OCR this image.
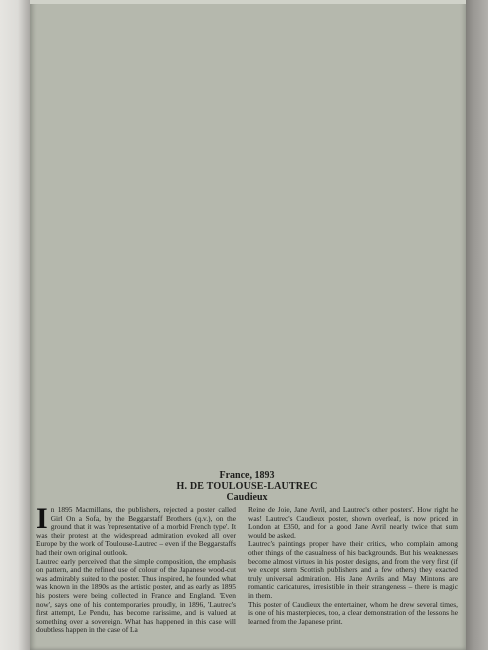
France, 1893
H. DE TOULOUSE-LAUTREC
Caudieux

I n 1895 Macmillans, the publishers, rejected a poster called Girl On a Sofa, by the Beggarstaff Brothers (q.v.), on the ground that it was 'representative of a morbid French type'. It was their protest at the widespread admiration evoked all over Europe by the work of Toulouse-Lautrec – even if the Beggarstaffs had their own original outlook.

Lautrec early perceived that the simple composition, the emphasis on pattern, and the refined use of colour of the Japanese wood-cut was admirably suited to the poster. Thus inspired, he founded what was known in the 1890s as the artistic poster, and as early as 1895 his posters were being collected in France and England. 'Even now', says one of his contemporaries proudly, in 1896, 'Lautrec's first attempt, Le Pendu, has become rarissime, and is valued at something over a sovereign. What has happened in this case will doubtless happen in the case of La

Reine de Joie, Jane Avril, and Lautrec's other posters'. How right he was! Lautrec's Caudieux poster, shown overleaf, is now priced in London at £350, and for a good Jane Avril nearly twice that sum would be asked.

Lautrec's paintings proper have their critics, who complain among other things of the casualness of his backgrounds. But his weaknesses become almost virtues in his poster designs, and from the very first (if we except stern Scottish publishers and a few others) they exacted truly universal admiration. His Jane Avrils and May Mintons are romantic caricatures, irresistible in their strangeness – there is magic in them.

This poster of Caudieux the entertainer, whom he drew several times, is one of his masterpieces, too, a clear demonstration of the lessons he learned from the Japanese print.
